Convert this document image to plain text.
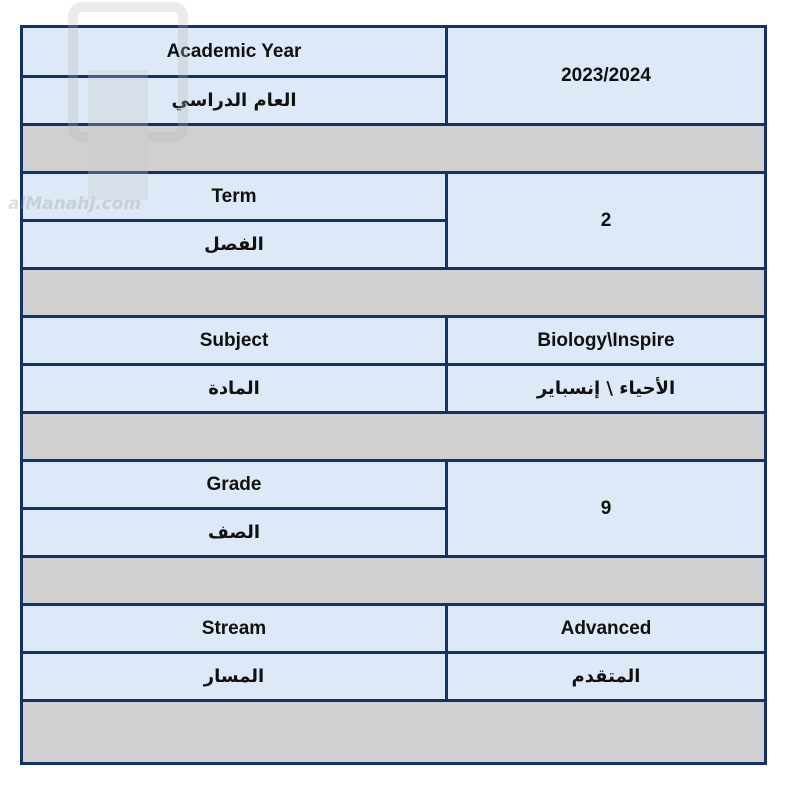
alManahj.com
Academic Year	2023/2024
العام الدراسي	

Term	2
الفصل	

Subject	Biology\Inspire
المادة	الأحياء \ إنسباير

Grade	9
الصف	

Stream	Advanced
المسار	المتقدم
